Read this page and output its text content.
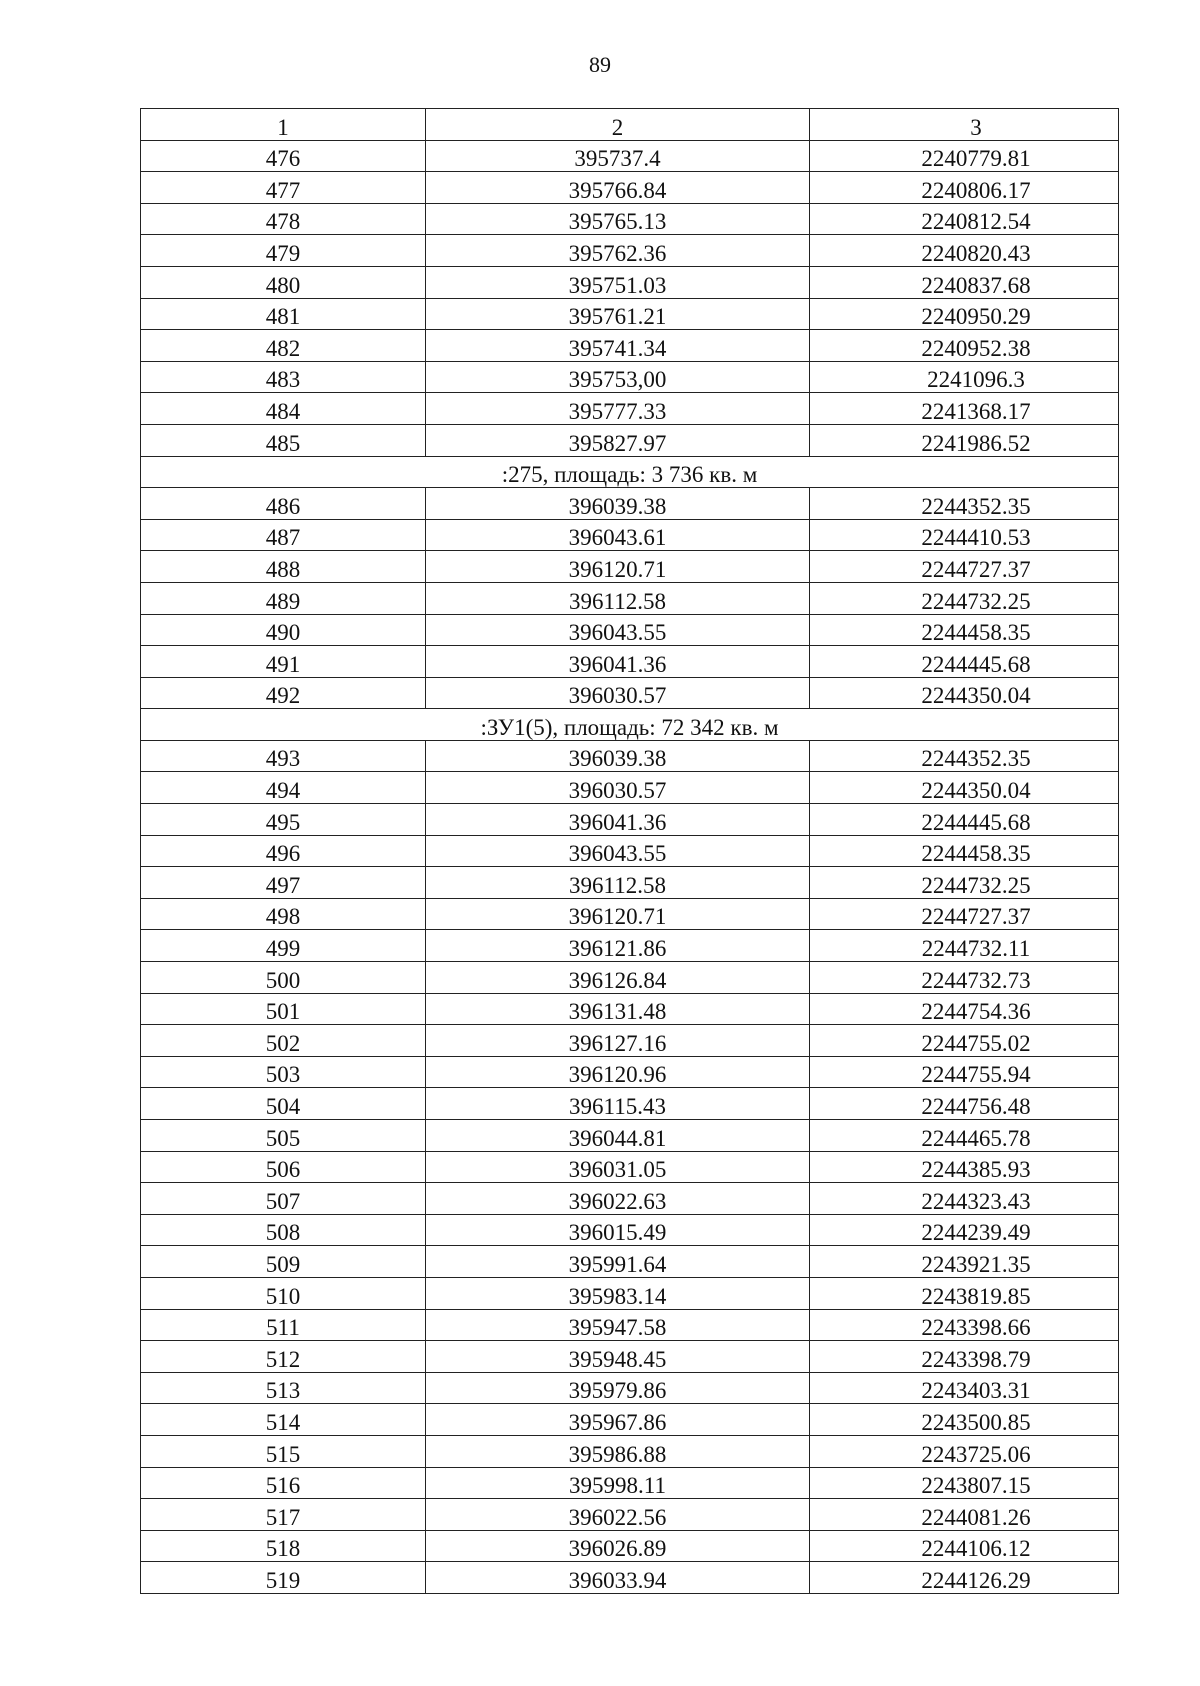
89
1	2	3
476	395737.4	2240779.81
477	395766.84	2240806.17
478	395765.13	2240812.54
479	395762.36	2240820.43
480	395751.03	2240837.68
481	395761.21	2240950.29
482	395741.34	2240952.38
483	395753,00	2241096.3
484	395777.33	2241368.17
485	395827.97	2241986.52
:275, площадь: 3 736 кв. м		
486	396039.38	2244352.35
487	396043.61	2244410.53
488	396120.71	2244727.37
489	396112.58	2244732.25
490	396043.55	2244458.35
491	396041.36	2244445.68
492	396030.57	2244350.04
:ЗУ1(5), площадь: 72 342 кв. м		
493	396039.38	2244352.35
494	396030.57	2244350.04
495	396041.36	2244445.68
496	396043.55	2244458.35
497	396112.58	2244732.25
498	396120.71	2244727.37
499	396121.86	2244732.11
500	396126.84	2244732.73
501	396131.48	2244754.36
502	396127.16	2244755.02
503	396120.96	2244755.94
504	396115.43	2244756.48
505	396044.81	2244465.78
506	396031.05	2244385.93
507	396022.63	2244323.43
508	396015.49	2244239.49
509	395991.64	2243921.35
510	395983.14	2243819.85
511	395947.58	2243398.66
512	395948.45	2243398.79
513	395979.86	2243403.31
514	395967.86	2243500.85
515	395986.88	2243725.06
516	395998.11	2243807.15
517	396022.56	2244081.26
518	396026.89	2244106.12
519	396033.94	2244126.29
